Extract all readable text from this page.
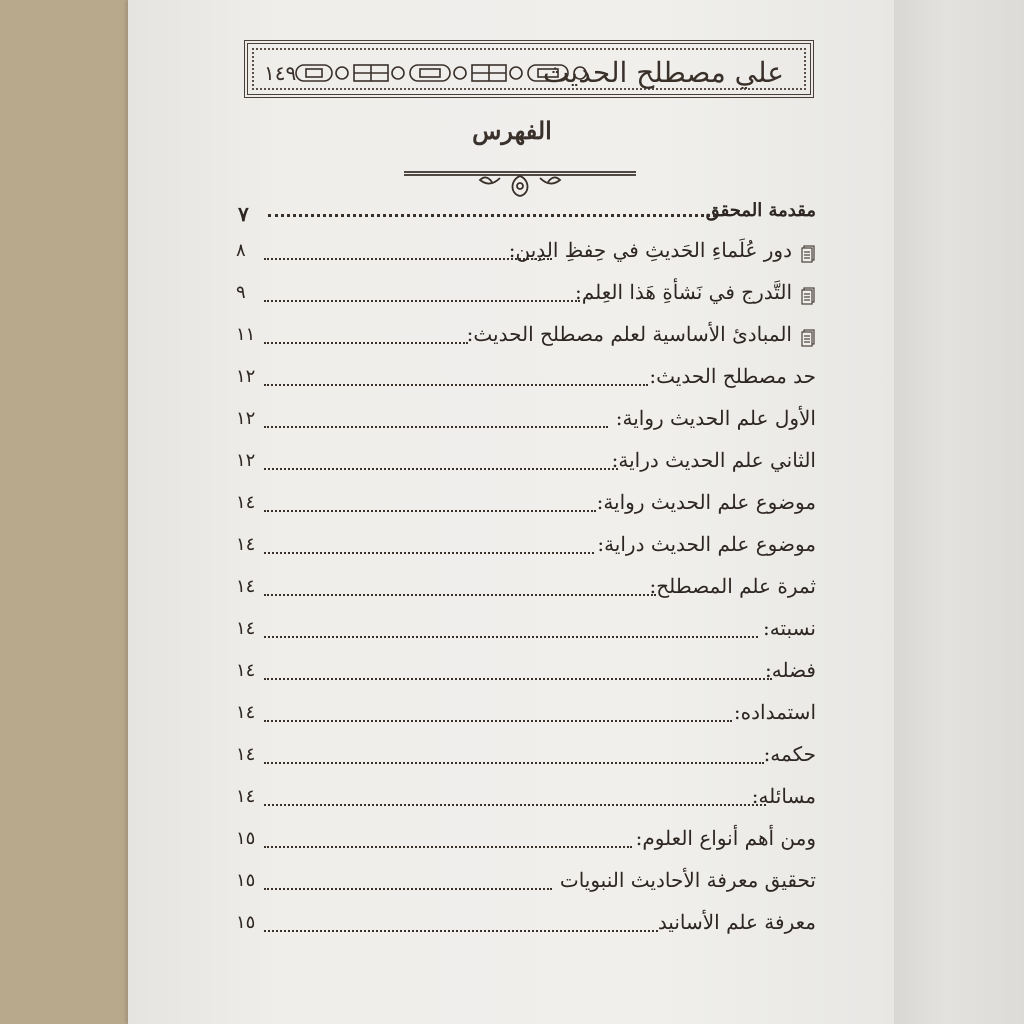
علي مصطلح الحديث
١٤٩
الفهرس
مقدمة المحقق
٧
دور عُلَماءِ الحَديثِ في حِفظِ الدِين:
٨
التَّدرج في نَشأةِ هَذا العِلم:
٩
المبادئ الأساسية لعلم مصطلح الحديث:
١١
حد مصطلح الحديث:
١٢
الأول علم الحديث رواية:
١٢
الثاني علم الحديث دراية:
١٢
موضوع علم الحديث رواية:
١٤
موضوع علم الحديث دراية:
١٤
ثمرة علم المصطلح:
١٤
نسبته:
١٤
فضله:
١٤
استمداده:
١٤
حكمه:
١٤
مسائله:
١٤
ومن أهم أنواع العلوم:
١٥
تحقيق معرفة الأحاديث النبويات
١٥
معرفة علم الأسانيد
١٥
